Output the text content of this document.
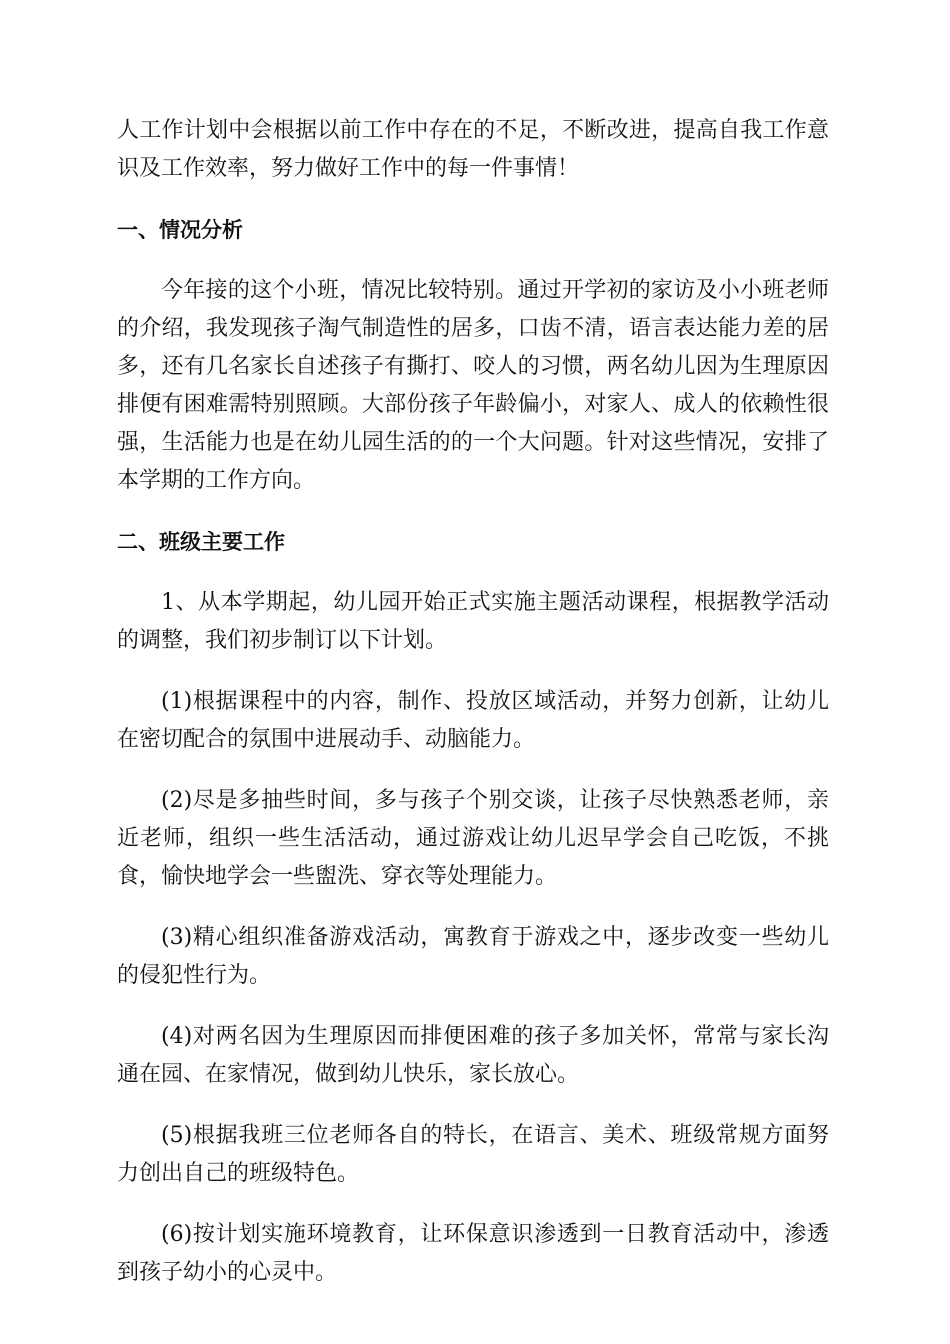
人工作计划中会根据以前工作中存在的不足，不断改进，提高自我工作意识及工作效率，努力做好工作中的每一件事情！

一、情况分析

今年接的这个小班，情况比较特别。通过开学初的家访及小小班老师的介绍，我发现孩子淘气制造性的居多，口齿不清，语言表达能力差的居多，还有几名家长自述孩子有撕打、咬人的习惯，两名幼儿因为生理原因排便有困难需特别照顾。大部份孩子年龄偏小，对家人、成人的依赖性很强，生活能力也是在幼儿园生活的的一个大问题。针对这些情况，安排了本学期的工作方向。

二、班级主要工作

1、从本学期起，幼儿园开始正式实施主题活动课程，根据教学活动的调整，我们初步制订以下计划。

(1)根据课程中的内容，制作、投放区域活动，并努力创新，让幼儿在密切配合的氛围中进展动手、动脑能力。

(2)尽是多抽些时间，多与孩子个别交谈，让孩子尽快熟悉老师，亲近老师，组织一些生活活动，通过游戏让幼儿迟早学会自己吃饭，不挑食，愉快地学会一些盥洗、穿衣等处理能力。

(3)精心组织准备游戏活动，寓教育于游戏之中，逐步改变一些幼儿的侵犯性行为。

(4)对两名因为生理原因而排便困难的孩子多加关怀，常常与家长沟通在园、在家情况，做到幼儿快乐，家长放心。

(5)根据我班三位老师各自的特长，在语言、美术、班级常规方面努力创出自己的班级特色。

(6)按计划实施环境教育，让环保意识渗透到一日教育活动中，渗透到孩子幼小的心灵中。
